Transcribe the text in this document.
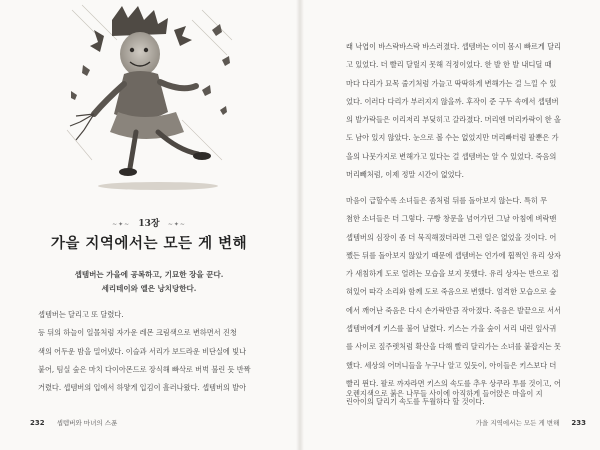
~✦~ 13장 ~✦~
가을 지역에서는 모든 게 변해
셉템버는 가을에 공복하고, 기묘한 장을 꾼다.
세리테이와 엘은 낭치당한다.
셉템버는 달리고 또 달렸다.
등 뒤의 하늘이 일몰처럼 자가운 레몬 크림색으로 변하면서 진청
색의 어두운 밤을 밀어냈다. 이슬과 서리가 보드라운 비단실에 빛나
붙어, 팀실 숲은 마치 다이아몬드로 장식해 빠삭로 버벅 불린 듯 반짝
거렸다. 셉템버의 입에서 하얗게 입김이 흘러나왔다. 셉템버의 발아
232 셉템버와 마녀의 스푼
래 낙엽이 바스락바스락 바스러졌다. 셉템버는 이미 몸시 빠르게 달리
고 있었다. 더 빨리 달릴지 못해 걱정이었다. 한 발 한 발 내디딜 때
마다 다리가 묘목 줄기처럼 가늘고 딱딱하게 변해가는 걸 느낄 수 있
었다. 이러다 다리가 부러지지 않을까. 후작이 준 구두 속에서 셉템버
의 발가락들은 이리저리 부딪히고 갈라졌다. 머리엔 머리카락이 한 올
도 남아 있지 않았다. 눈으로 볼 수는 없었지만 머리빠터럼 팔뿐은 가
을의 나뭇가지로 변해가고 있다는 걸 셉템버는 알 수 있었다. 죽음의
머리빼처럼, 이제 정말 시간이 없었다.
마음이 급할수록 소녀들은 좀처럼 뒤를 돌아보지 않는다. 특히 무
첨한 소녀들은 더 그렇다. 구빵 창문을 넘어가던 그날 아침에 벼락맨
셉템버의 심장이 좀 더 묵직해졌더라면 그런 일은 없었을 것이다. 어
쨌든 뒤를 돌아보지 않았기 때문에 셉템버는 언가에 휩쩍인 유리 상자
가 새침하게 도로 얼려는 모습을 보지 못했다. 유리 상자는 반으로 접
혀있어 따각 소리와 함께 도로 죽음으로 변했다. 엄격한 모습으로 숲
에서 깨어난 죽음은 다시 손가락만큼 작아졌다. 죽음은 발끝으로 서서
셉템버에게 키스를 불어 날렸다. 키스는 가을 숲이 서리 내린 잎사귀
를 사이로 짚주렛처럼 확산을 다해 빨리 달리가는 소녀를 붙잡지는 못
했다. 세상의 어머니들을 누구나 알고 있듯이, 아이들은 키스보다 더
빨리 뛴다. 팔로 까자라면 키스의 속도를 추우 상쿠라 투를 것이고, 어
린아이의 달리기 속도를 두월하다 할 것이다.
오렌지색으로 붉은 나무들 사이에 아직하게 들어앉은 마을이 지
가을 지역에서는 모든 게 변해 233
